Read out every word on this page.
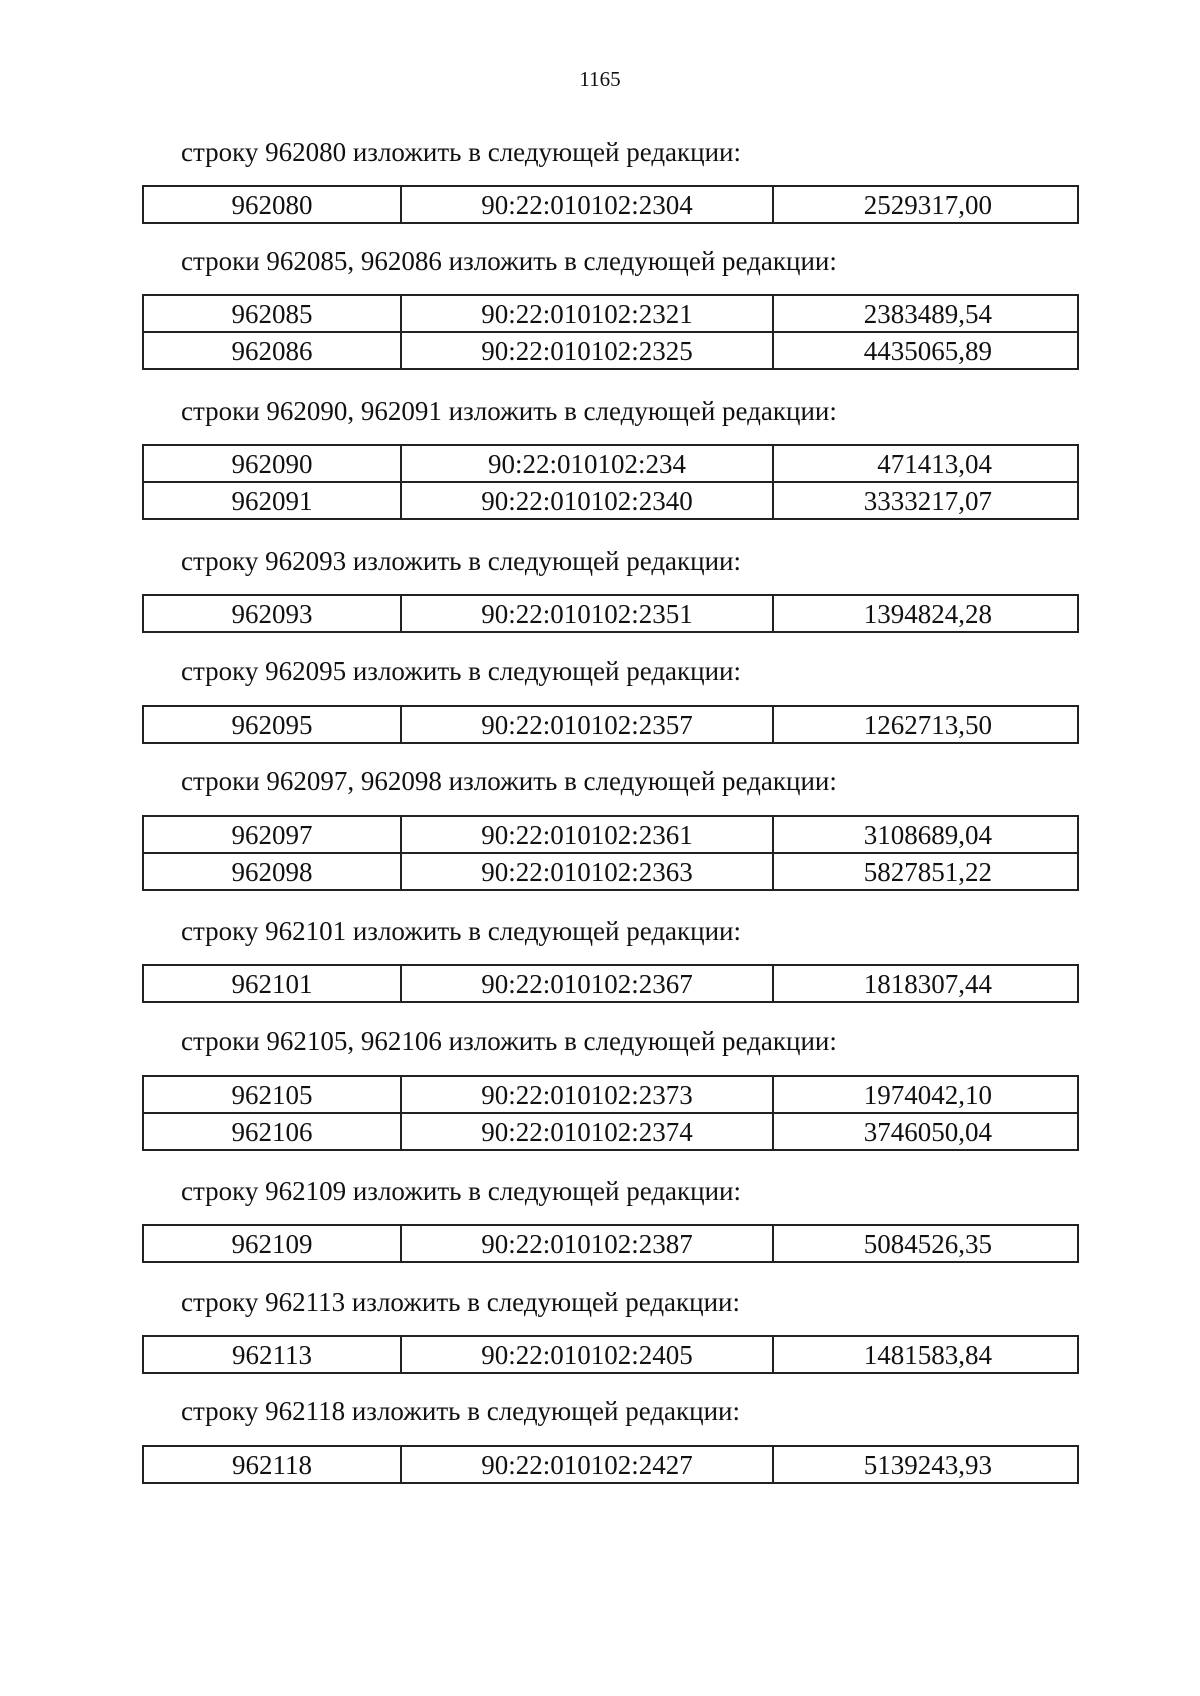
1165
строку 962080 изложить в следующей редакции:
962080	90:22:010102:2304	2529317,00
строки 962085, 962086 изложить в следующей редакции:
962085	90:22:010102:2321	2383489,54
962086	90:22:010102:2325	4435065,89
строки 962090, 962091 изложить в следующей редакции:
962090	90:22:010102:234	471413,04
962091	90:22:010102:2340	3333217,07
строку 962093 изложить в следующей редакции:
962093	90:22:010102:2351	1394824,28
строку 962095 изложить в следующей редакции:
962095	90:22:010102:2357	1262713,50
строки 962097, 962098 изложить в следующей редакции:
962097	90:22:010102:2361	3108689,04
962098	90:22:010102:2363	5827851,22
строку 962101 изложить в следующей редакции:
962101	90:22:010102:2367	1818307,44
строки 962105, 962106 изложить в следующей редакции:
962105	90:22:010102:2373	1974042,10
962106	90:22:010102:2374	3746050,04
строку 962109 изложить в следующей редакции:
962109	90:22:010102:2387	5084526,35
строку 962113 изложить в следующей редакции:
962113	90:22:010102:2405	1481583,84
строку 962118 изложить в следующей редакции:
962118	90:22:010102:2427	5139243,93
